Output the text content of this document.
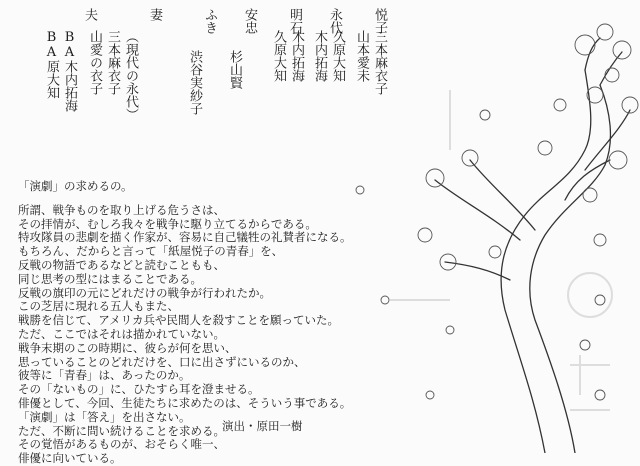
悦子
三本麻衣子
山本愛未
永代
久原大知
木内拓海
明石
木内拓海
久原大知
安忠
杉山賢
ふき
渋谷実紗子
妻
（現代の永代）
三本麻衣子
山愛の衣子
夫
BA木内拓海
BA原大知
「演劇」の求めるの。
所謂、戦争ものを取り上げる危うさは、
その拝情が、むしろ我々を戦争に駆り立てるからである。
特攻隊員の悲劇を描く作家が、容易に自己犠牲の礼賛者になる。
もちろん、だからと言って「紙屋悦子の青春」を、
反戦の物語であるなどと読むこともも、
同じ思考の型にはまることである。
反戦の旗印の元にどれだけの戦争が行われたか。
この芝居に現れる五人もまた、
戦勝を信じて、アメリカ兵や民間人を殺すことを願っていた。
ただ、ここではそれは描かれていない。
戦争末期のこの時期に、彼らが何を思い、
思っていることのどれだけを、口に出さずにいるのか、
彼等に「青春」は、あったのか。
その「ないもの」に、ひたすら耳を澄ませる。
俳優として、今回、生徒たちに求めたのは、そういう事である。
「演劇」は「答え」を出さない。
ただ、不断に問い続けることを求める。
その覚悟があるものが、おそらく唯一、
俳優に向いている。
演出・原田一樹
